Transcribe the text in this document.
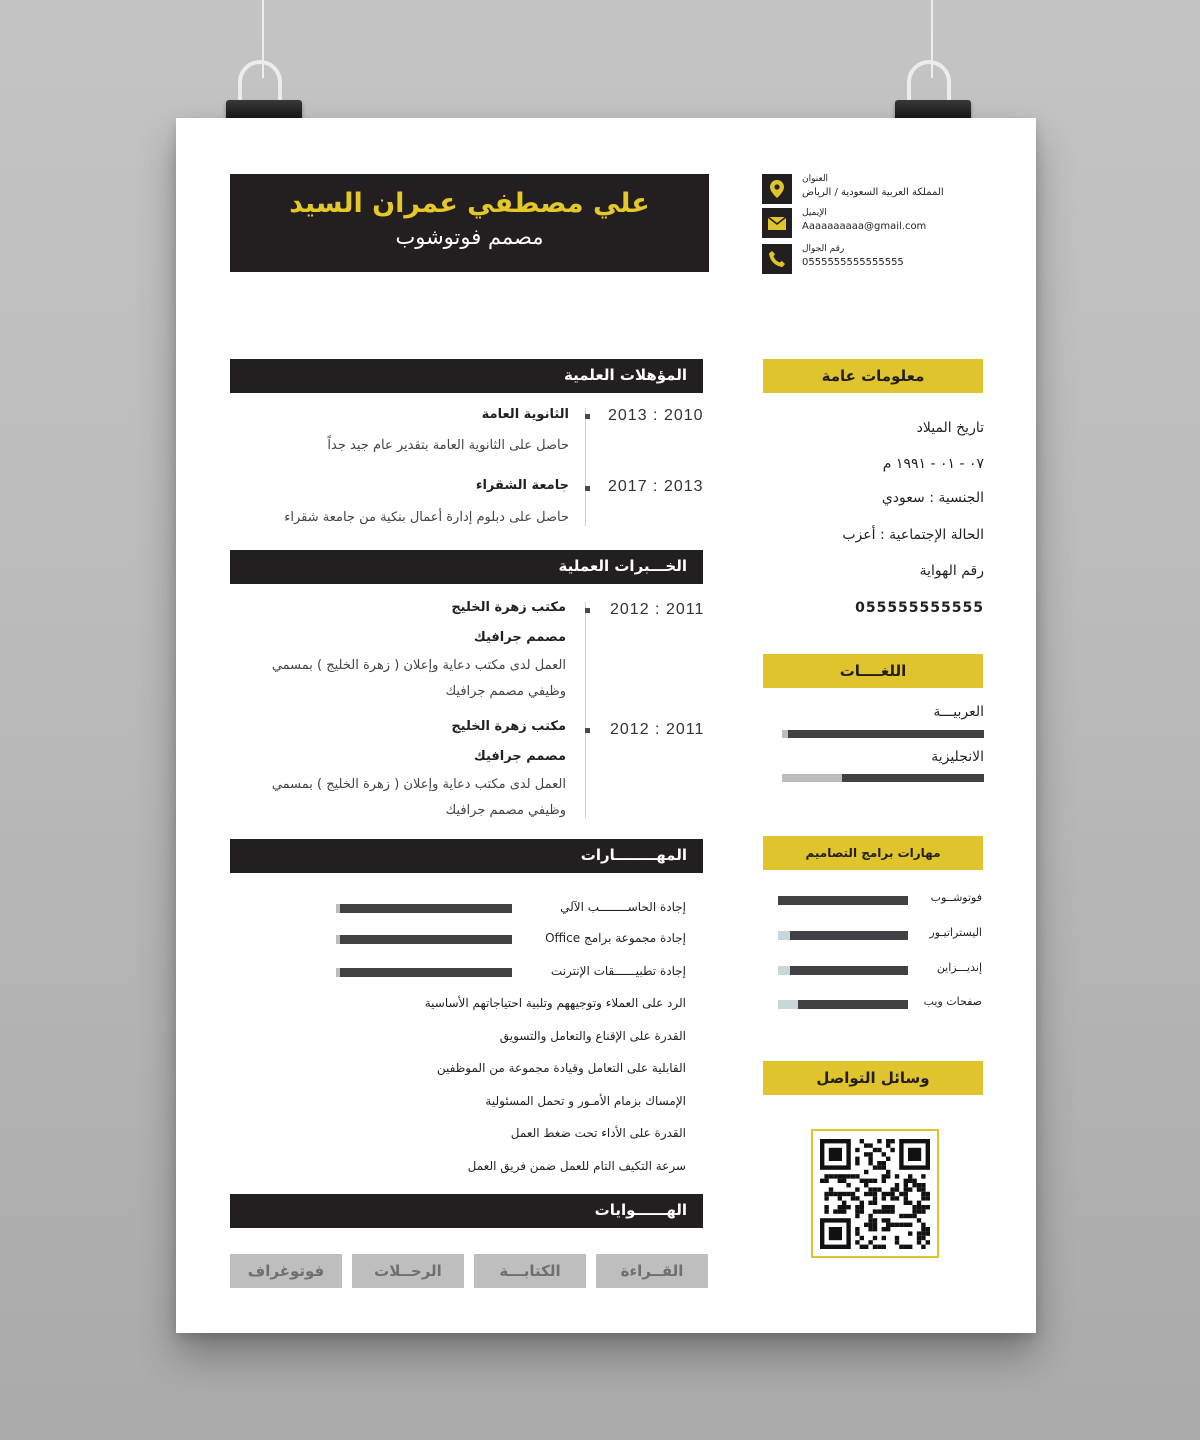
علي مصطفي عمران السيد
مصمم فوتوشوب
العنوان
المملكة العربية السعودية / الرياض
الإيميل
Aaaaaaaaaa@gmail.com
رقم الجوال
0555555555555555
المؤهلات العلمية
2010 : 2013
الثانوية العامة
حاصل على الثانوية العامة بتقدير عام جيد جداً
2013 : 2017
جامعة الشقراء
حاصل على دبلوم إدارة أعمال بنكية من جامعة شقراء
الخـــبرات العملية
2011 : 2012
مكتب زهرة الخليج
مصمم جرافيك
العمل لدى مكتب دعاية وإعلان ( زهرة الخليج ) بمسمي
وظيفي مصمم جرافيك
2011 : 2012
مكتب زهرة الخليج
مصمم جرافيك
العمل لدى مكتب دعاية وإعلان ( زهرة الخليج ) بمسمي
وظيفي مصمم جرافيك
المهــــــــارات
إجادة الحاســــــــب الآلي
إجادة مجموعة برامج Office
إجادة تطبيــــــقات الإنترنت
الرد على العملاء وتوجيههم وتلبية احتياجاتهم الأساسية
القدرة على الإقناع والتعامل والتسويق
القابلية على التعامل وقيادة مجموعة من الموظفين
الإمساك بزمام الأمـور و تحمل المسئولية
القدرة على الأداء تحت ضغط العمل
سرعة التكيف التام للعمل ضمن فريق العمل
الهــــــوايات
القــراءة
الكتابـــة
الرحــلات
فوتوغراف
معلومات عامة
تاريخ الميلاد
٠٧ - ٠١ - ١٩٩١ م
الجنسية : سعودي
الحالة الإجتماعية : أعزب
رقم الهواية
055555555555
اللغــــات
العربيـــة
الانجليزية
مهارات برامج التصاميم
فوتوشــوب
اليستراتيـور
إنديـــزاين
صفحات ويب
وسائل التواصل
